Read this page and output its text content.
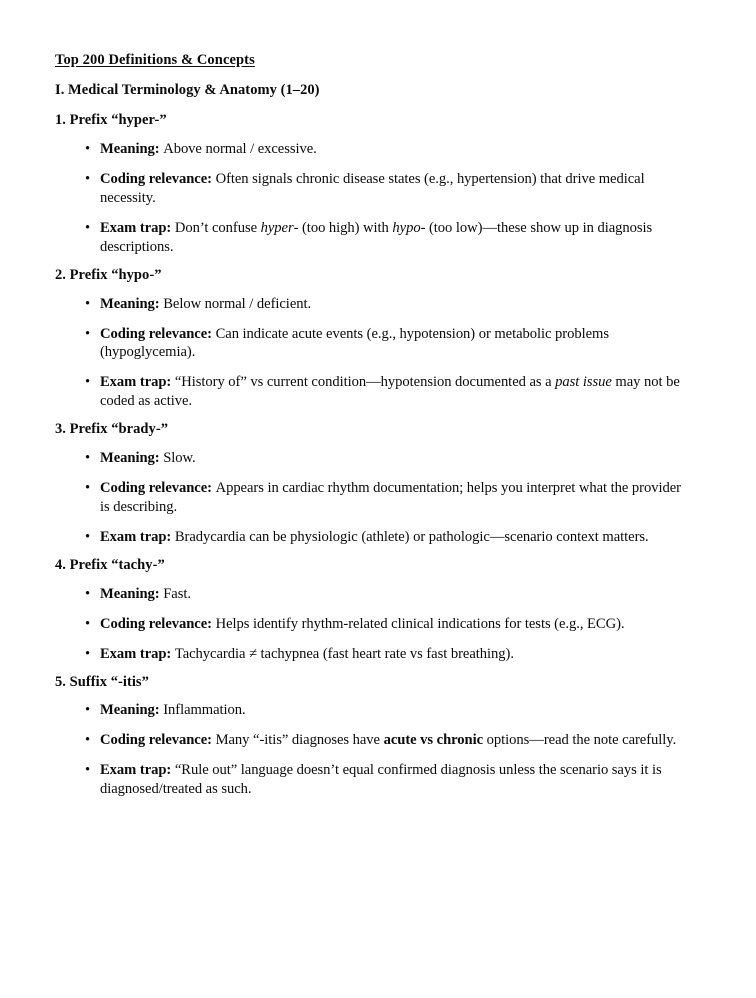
Top 200 Definitions & Concepts
I. Medical Terminology & Anatomy (1–20)
1. Prefix “hyper-”
• Meaning: Above normal / excessive.
• Coding relevance: Often signals chronic disease states (e.g., hypertension) that drive medical necessity.
• Exam trap: Don’t confuse hyper- (too high) with hypo- (too low)—these show up in diagnosis descriptions.
2. Prefix “hypo-”
• Meaning: Below normal / deficient.
• Coding relevance: Can indicate acute events (e.g., hypotension) or metabolic problems (hypoglycemia).
• Exam trap: “History of” vs current condition—hypotension documented as a past issue may not be coded as active.
3. Prefix “brady-”
• Meaning: Slow.
• Coding relevance: Appears in cardiac rhythm documentation; helps you interpret what the provider is describing.
• Exam trap: Bradycardia can be physiologic (athlete) or pathologic—scenario context matters.
4. Prefix “tachy-”
• Meaning: Fast.
• Coding relevance: Helps identify rhythm-related clinical indications for tests (e.g., ECG).
• Exam trap: Tachycardia ≠ tachypnea (fast heart rate vs fast breathing).
5. Suffix “-itis”
• Meaning: Inflammation.
• Coding relevance: Many “-itis” diagnoses have acute vs chronic options—read the note carefully.
• Exam trap: “Rule out” language doesn’t equal confirmed diagnosis unless the scenario says it is diagnosed/treated as such.
